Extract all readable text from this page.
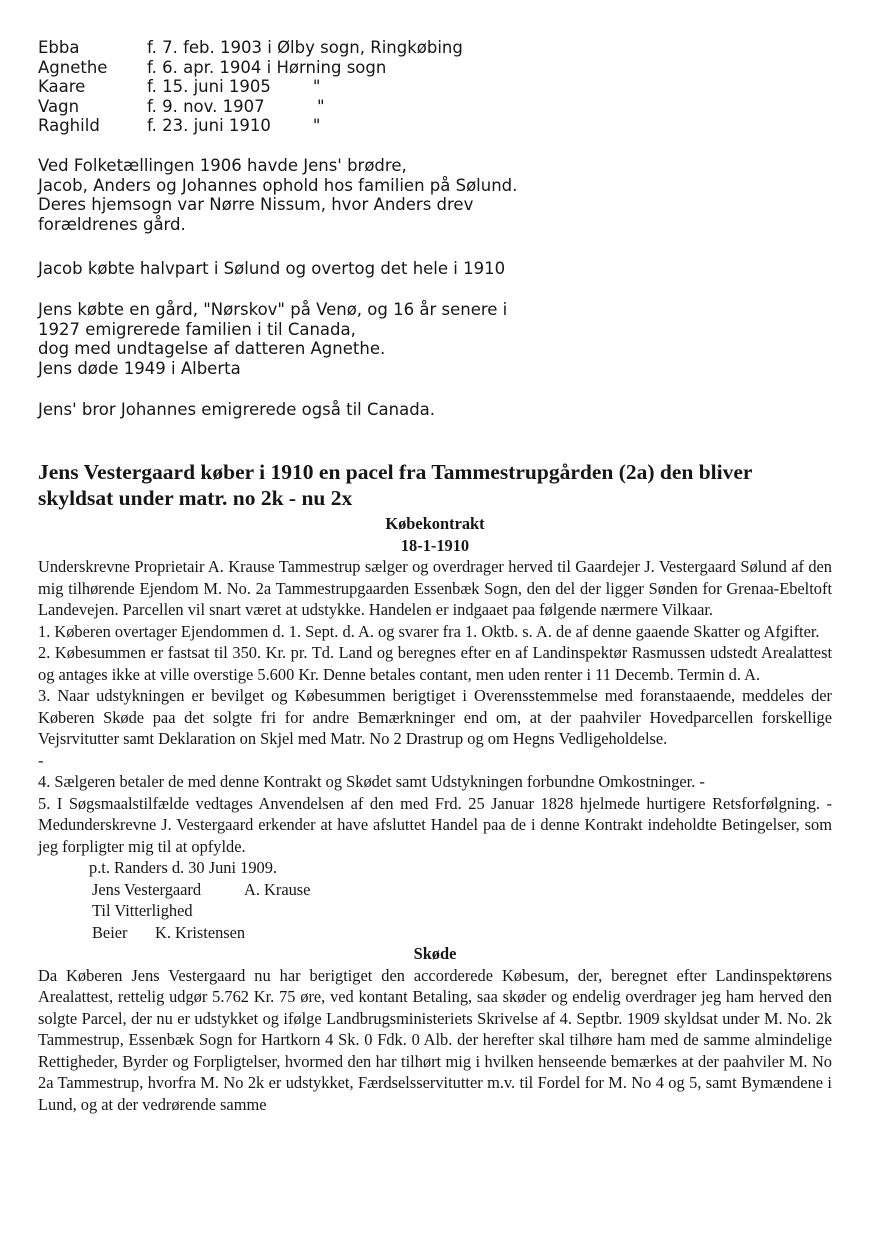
Ebba	f. 7. feb. 1903 i Ølby sogn, Ringkøbing
Agnethe	f. 6. apr. 1904 i Hørning sogn
Kaare	f. 15. juni 1905        "
Vagn	f. 9. nov. 1907          "
Raghild	f. 23. juni 1910        "

Ved Folketællingen 1906 havde Jens' brødre,

Jacob, Anders og Johannes ophold hos familien på Sølund.

Deres hjemsogn var Nørre Nissum, hvor Anders drev

forældrenes gård.

Jacob købte halvpart i Sølund og overtog det hele i 1910

Jens købte en gård, "Nørskov" på Venø, og 16 år senere i

1927 emigrerede familien i til Canada,

dog med undtagelse af datteren Agnethe.

Jens døde 1949 i Alberta

Jens' bror Johannes emigrerede også til Canada.

Jens Vestergaard køber i 1910 en pacel fra Tammestrupgården (2a) den bliver skyldsat under matr. no 2k - nu 2x

Købekontrakt

18-1-1910

Underskrevne Proprietair A. Krause Tammestrup sælger og overdrager herved til Gaardejer J. Vestergaard Sølund af den mig tilhørende Ejendom M. No. 2a Tammestrupgaarden Essenbæk Sogn, den del der ligger Sønden for Grenaa-Ebeltoft Landevejen. Parcellen vil snart været at udstykke. Handelen er indgaaet paa følgende nærmere Vilkaar.

1. Køberen overtager Ejendommen d. 1. Sept. d. A. og svarer fra 1. Oktb. s. A. de af denne gaaende Skatter og Afgifter.

2. Købesummen er fastsat til 350. Kr. pr. Td. Land og beregnes efter en af Landinspektør Rasmussen udstedt Arealattest og antages ikke at ville overstige 5.600 Kr. Denne betales contant, men uden renter i 11 Decemb. Termin d. A.

3. Naar udstykningen er bevilget og Købesummen berigtiget i Overensstemmelse med foranstaaende, meddeles der Køberen Skøde paa det solgte fri for andre Bemærkninger end om, at der paahviler Hovedparcellen forskellige Vejsrvitutter samt Deklaration on Skjel med Matr. No 2 Drastrup og om Hegns Vedligeholdelse.

-

4. Sælgeren betaler de med denne Kontrakt og Skødet samt Udstykningen forbundne Omkostninger. -

5. I Søgsmaalstilfælde vedtages Anvendelsen af den med Frd. 25 Januar 1828 hjelmede hurtigere Retsforfølgning. - Medunderskrevne J. Vestergaard erkender at have afsluttet Handel paa de i denne Kontrakt indeholdte Betingelser, som jeg forpligter mig til at opfylde.

p.t. Randers d. 30 Juni 1909.

Jens Vestergaard	A. Krause

Til Vitterlighed

Beier	K. Kristensen

Skøde

Da Køberen Jens Vestergaard nu har berigtiget den accorderede Købesum, der, beregnet efter Landinspektørens Arealattest, rettelig udgør 5.762 Kr. 75 øre, ved kontant Betaling, saa skøder og endelig overdrager jeg ham herved den solgte Parcel, der nu er udstykket og ifølge Landbrugsministeriets Skrivelse af 4. Septbr. 1909 skyldsat under M. No. 2k Tammestrup, Essenbæk Sogn for Hartkorn 4 Sk. 0 Fdk. 0 Alb. der herefter skal tilhøre ham med de samme almindelige Rettigheder, Byrder og Forpligtelser, hvormed den har tilhørt mig i hvilken henseende bemærkes at der paahviler M. No 2a Tammestrup, hvorfra M. No 2k er udstykket, Færdselsservitutter m.v. til Fordel for M. No 4 og 5, samt Bymændene i Lund, og at der vedrørende samme
